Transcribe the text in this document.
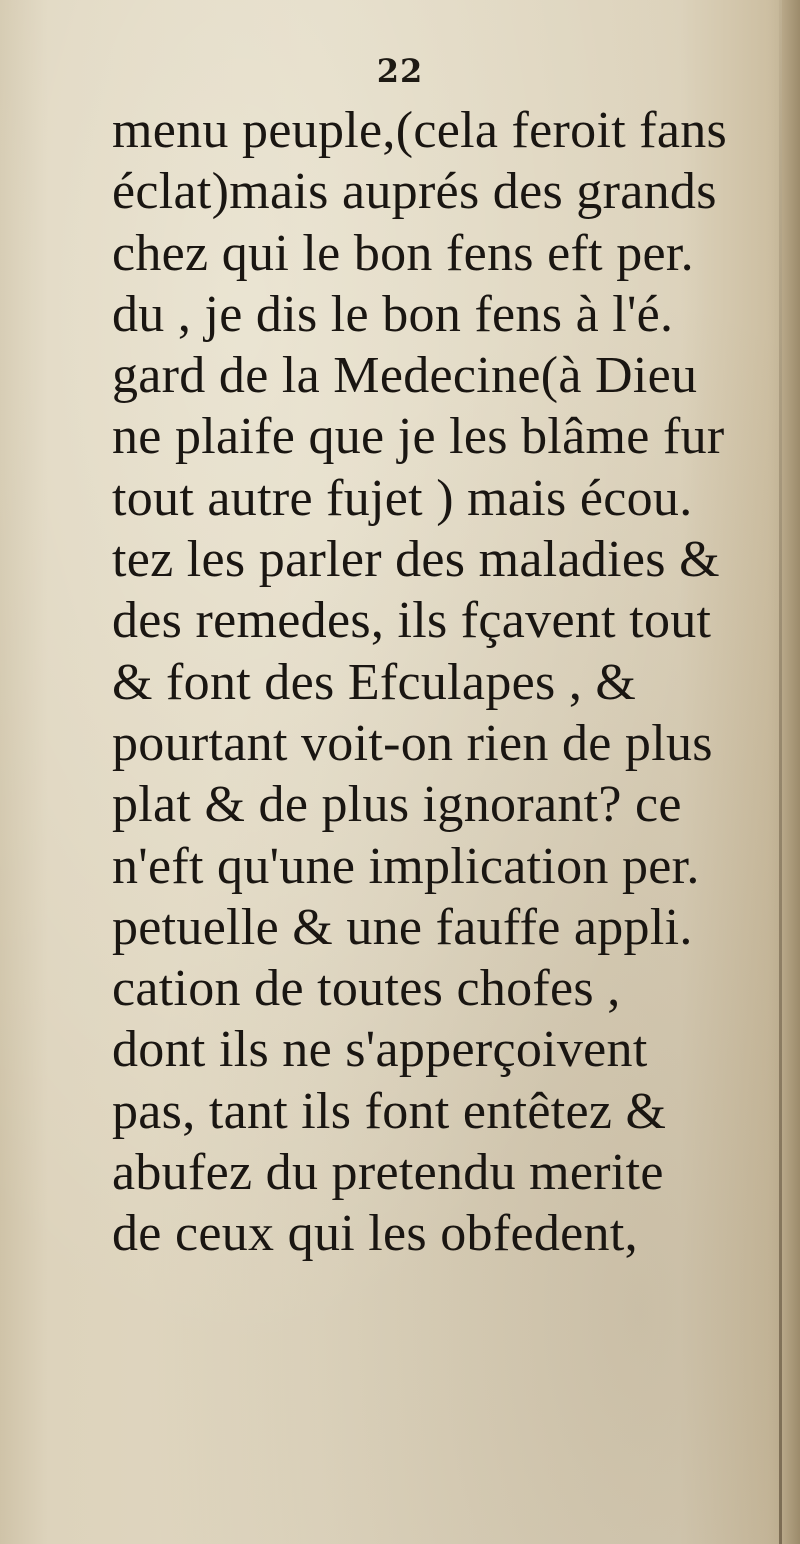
22
menu peuple,(cela feroit fans
éclat)mais auprés des grands
chez qui le bon fens eft per.
du , je dis le bon fens à l'é.
gard de la Medecine(à Dieu
ne plaife que je les blâme fur
tout autre fujet ) mais écou.
tez les parler des maladies &
des remedes, ils fçavent tout
& font des Efculapes , &
pourtant voit-on rien de plus
plat & de plus ignorant? ce
n'eft qu'une implication per.
petuelle & une fauffe appli.
cation de toutes chofes ,
dont ils ne s'apperçoivent
pas, tant ils font entêtez &
abufez du pretendu merite
de ceux qui les obfedent,
